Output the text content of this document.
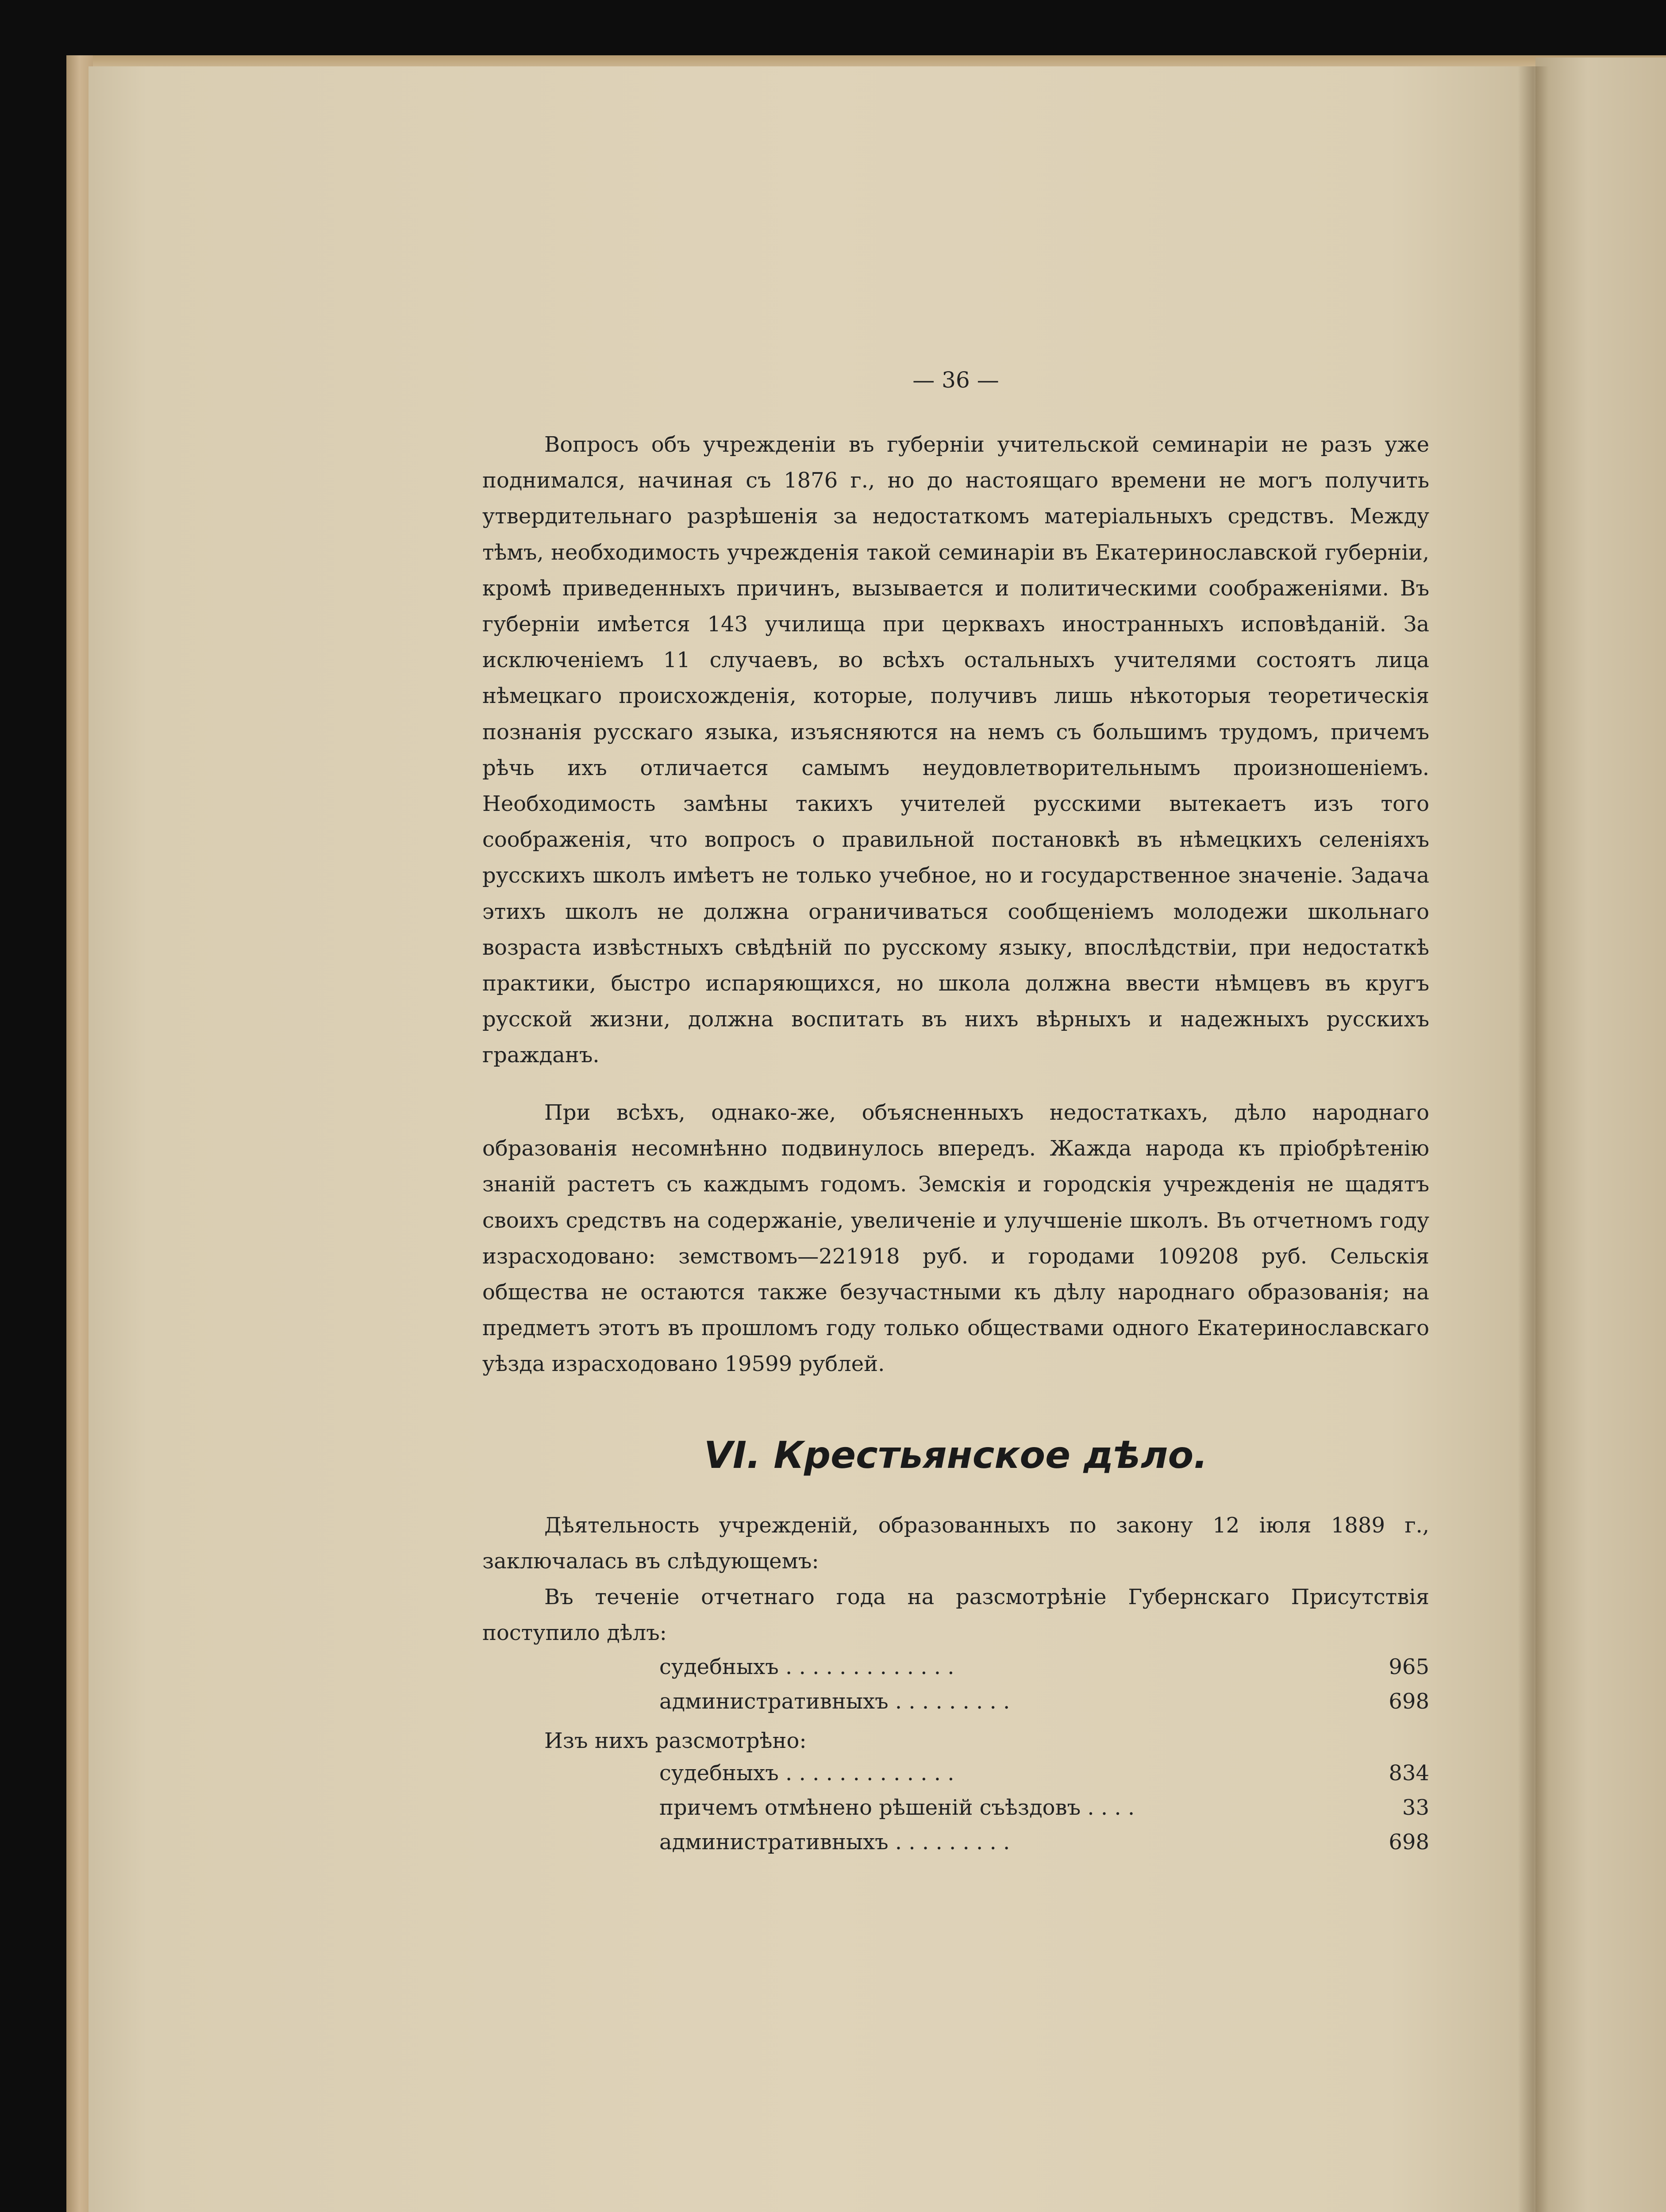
— 36 —

Вопросъ объ учрежденіи въ губерніи учительской семинаріи не разъ уже поднимался, начиная съ 1876 г., но до настоящаго времени не могъ получить утвердительнаго разрѣшенія за недостаткомъ матеріальныхъ средствъ. Между тѣмъ, необходимость учрежденія такой семинаріи въ Екатеринославской губерніи, кромѣ приведенныхъ причинъ, вызывается и политическими соображеніями. Въ губерніи имѣется 143 училища при церквахъ иностранныхъ исповѣданій. За исключеніемъ 11 случаевъ, во всѣхъ остальныхъ учителями состоятъ лица нѣмецкаго происхожденія, которые, получивъ лишь нѣкоторыя теоретическія познанія русскаго языка, изъясняются на немъ съ большимъ трудомъ, причемъ рѣчь ихъ отличается самымъ неудовлетворительнымъ произношеніемъ. Необходимость замѣны такихъ учителей русскими вытекаетъ изъ того соображенія, что вопросъ о правильной постановкѣ въ нѣмецкихъ селеніяхъ русскихъ школъ имѣетъ не только учебное, но и государственное значеніе. Задача этихъ школъ не должна ограничиваться сообщеніемъ молодежи школьнаго возраста извѣстныхъ свѣдѣній по русскому языку, впослѣдствіи, при недостаткѣ практики, быстро испаряющихся, но школа должна ввести нѣмцевъ въ кругъ русской жизни, должна воспитать въ нихъ вѣрныхъ и надежныхъ русскихъ гражданъ.

При всѣхъ, однако-же, объясненныхъ недостаткахъ, дѣло народнаго образованія несомнѣнно подвинулось впередъ. Жажда народа къ пріобрѣтенію знаній растетъ съ каждымъ годомъ. Земскія и городскія учрежденія не щадятъ своихъ средствъ на содержаніе, увеличеніе и улучшеніе школъ. Въ отчетномъ году израсходовано: земствомъ—221918 руб. и городами 109208 руб. Сельскія общества не остаются также безучастными къ дѣлу народнаго образованія; на предметъ этотъ въ прошломъ году только обществами одного Екатеринославскаго уѣзда израсходовано 19599 рублей.

VI. Крестьянское дѣло.

Дѣятельность учрежденій, образованныхъ по закону 12 іюля 1889 г., заключалась въ слѣдующемъ:

Въ теченіе отчетнаго года на разсмотрѣніе Губернскаго Присутствія поступило дѣлъ:

судебныхъ . . . . . . . . . . . . .	965
административныхъ . . . . . . . . .	698
Изъ нихъ разсмотрѣно:
судебныхъ . . . . . . . . . . . . .	834
причемъ отмѣнено рѣшеній съѣздовъ . . . .	33
административныхъ . . . . . . . . .	698
